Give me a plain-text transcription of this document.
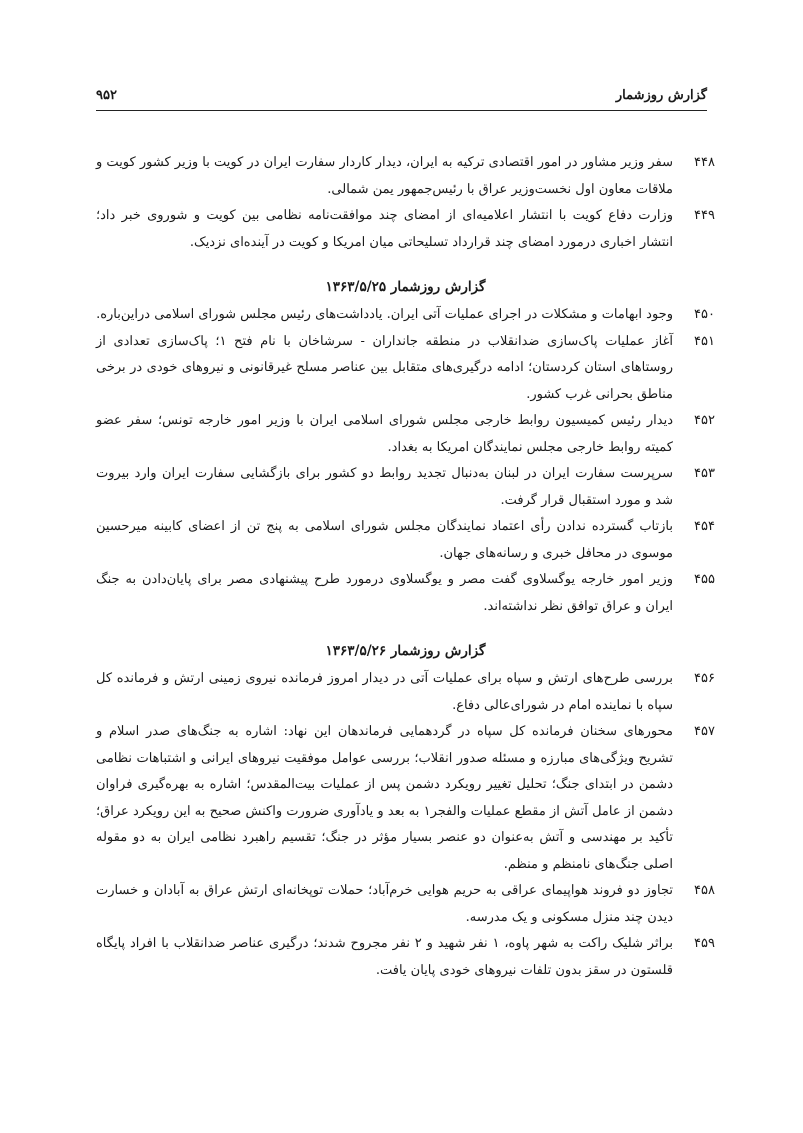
گزارش روزشمار
۹۵۲
۴۴۸
سفر وزیر مشاور در امور اقتصادی ترکیه به ایران، دیدار کاردار سفارت ایران در کویت با وزیر کشور کویت و ملاقات معاون اول نخست‌وزیر عراق با رئیس‌جمهور یمن شمالی.
۴۴۹
وزارت دفاع کویت با انتشار اعلامیه‌ای از امضای چند موافقت‌نامه نظامی بین کویت و شوروی خبر داد؛ انتشار اخباری درمورد امضای چند قرارداد تسلیحاتی میان امریکا و کویت در آینده‌ای نزدیک.
گزارش روزشمار ۱۳۶۳/۵/۲۵
۴۵۰
وجود ابهامات و مشکلات در اجرای عملیات آتی ایران. یادداشت‌های رئیس مجلس شورای اسلامی دراین‌باره.
۴۵۱
آغاز عملیات پاک‌سازی ضدانقلاب در منطقه جانداران - سرشاخان با نام فتح ۱؛ پاک‌سازی تعدادی از روستاهای استان کردستان؛ ادامه درگیری‌های متقابل بین عناصر مسلح غیرقانونی و نیروهای خودی در برخی مناطق بحرانی غرب کشور.
۴۵۲
دیدار رئیس کمیسیون روابط خارجی مجلس شورای اسلامی ایران با وزیر امور خارجه تونس؛ سفر عضو کمیته روابط خارجی مجلس نمایندگان امریکا به بغداد.
۴۵۳
سرپرست سفارت ایران در لبنان به‌دنبال تجدید روابط دو کشور برای بازگشایی سفارت ایران وارد بیروت شد و مورد استقبال قرار گرفت.
۴۵۴
بازتاب گسترده ندادن رأی اعتماد نمایندگان مجلس شورای اسلامی به پنج تن از اعضای کابینه میرحسین موسوی در محافل خبری و رسانه‌های جهان.
۴۵۵
وزیر امور خارجه یوگسلاوی گفت مصر و یوگسلاوی درمورد طرح پیشنهادی مصر برای پایان‌دادن به جنگ ایران و عراق توافق نظر نداشته‌اند.
گزارش روزشمار ۱۳۶۳/۵/۲۶
۴۵۶
بررسی طرح‌های ارتش و سپاه برای عملیات آتی در دیدار امروز فرمانده نیروی زمینی ارتش و فرمانده کل سپاه با نماینده امام در شورای‌عالی دفاع.
۴۵۷
محورهای سخنان فرمانده کل سپاه در گردهمایی فرماندهان این نهاد: اشاره به جنگ‌های صدر اسلام و تشریح ویژگی‌های مبارزه و مسئله صدور انقلاب؛ بررسی عوامل موفقیت نیروهای ایرانی و اشتباهات نظامی دشمن در ابتدای جنگ؛ تحلیل تغییر رویکرد دشمن پس از عملیات بیت‌المقدس؛ اشاره به بهره‌گیری فراوان دشمن از عامل آتش از مقطع عملیات والفجر۱ به بعد و یادآوری ضرورت واکنش صحیح به این رویکرد عراق؛ تأکید بر مهندسی و آتش به‌عنوان دو عنصر بسیار مؤثر در جنگ؛ تقسیم راهبرد نظامی ایران به دو مقوله اصلی جنگ‌های نامنظم و منظم.
۴۵۸
تجاوز دو فروند هواپیمای عراقی به حریم هوایی خرم‌آباد؛ حملات توپخانه‌ای ارتش عراق به آبادان و خسارت دیدن چند منزل مسکونی و یک مدرسه.
۴۵۹
براثر شلیک راکت به شهر پاوه، ۱ نفر شهید و ۲ نفر مجروح شدند؛ درگیری عناصر ضدانقلاب با افراد پایگاه قلستون در سقز بدون تلفات نیروهای خودی پایان یافت.
